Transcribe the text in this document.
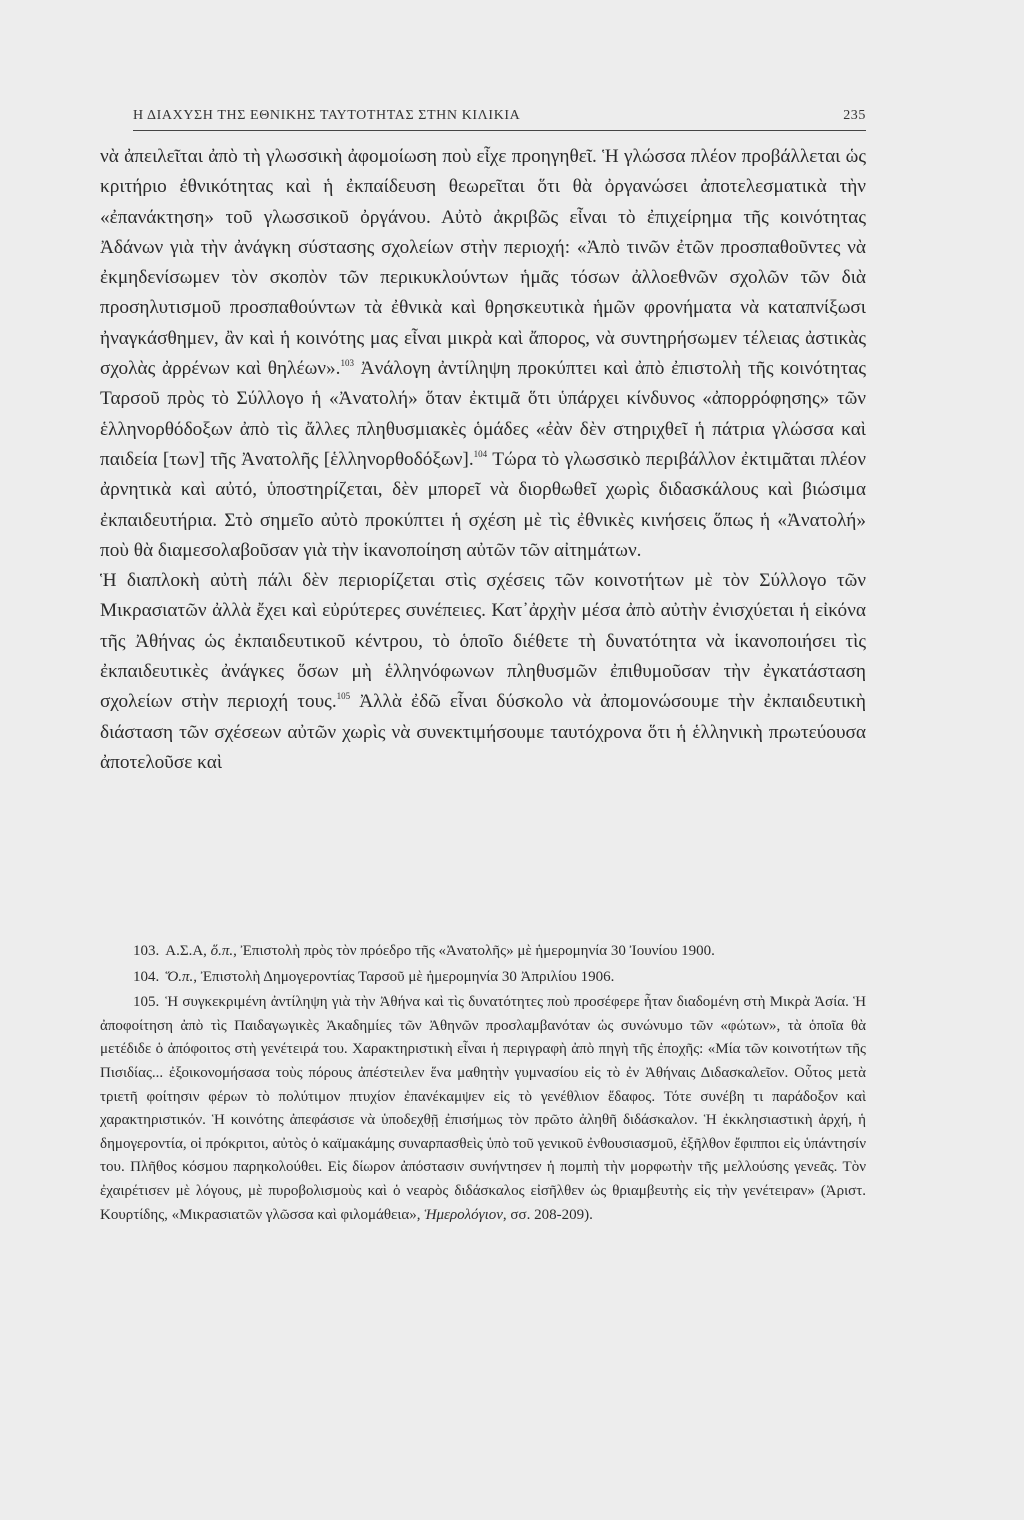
Η ΔΙΑΧΥΣΗ ΤΗΣ ΕΘΝΙΚΗΣ ΤΑΥΤΟΤΗΤΑΣ ΣΤΗΝ ΚΙΛΙΚΙΑ	235

νὰ ἀπειλεῖται ἀπὸ τὴ γλωσσικὴ ἀφομοίωση ποὺ εἶχε προηγηθεῖ. Ἡ γλώσσα πλέον προβάλλεται ὡς κριτήριο ἐθνικότητας καὶ ἡ ἐκπαίδευση θεωρεῖται ὅτι θὰ ὀργανώσει ἀποτελεσματικὰ τὴν «ἐπανάκτηση» τοῦ γλωσσικοῦ ὀργάνου. Αὐτὸ ἀκριβῶς εἶναι τὸ ἐπιχείρημα τῆς κοινότητας Ἀδάνων γιὰ τὴν ἀνάγκη σύστασης σχολείων στὴν περιοχή: «Ἀπὸ τινῶν ἐτῶν προσπαθοῦντες νὰ ἐκμηδενίσωμεν τὸν σκοπὸν τῶν περικυκλούντων ἡμᾶς τόσων ἀλλοεθνῶν σχολῶν τῶν διὰ προσηλυτισμοῦ προσπαθούντων τὰ ἐθνικὰ καὶ θρησκευτικὰ ἡμῶν φρονήματα νὰ καταπνίξωσι ἠναγκάσθημεν, ἂν καὶ ἡ κοινότης μας εἶναι μικρὰ καὶ ἄπορος, νὰ συντηρήσωμεν τέλειας ἀστικὰς σχολὰς ἀρρένων καὶ θηλέων».$^{103}$ Ἀνάλογη ἀντίληψη προκύπτει καὶ ἀπὸ ἐπιστολὴ τῆς κοινότητας Ταρσοῦ πρὸς τὸ Σύλλογο ἡ «Ἀνατολή» ὅταν ἐκτιμᾶ ὅτι ὑπάρχει κίνδυνος «ἀπορρόφησης» τῶν ἑλληνορθόδοξων ἀπὸ τὶς ἄλλες πληθυσμιακὲς ὁμάδες «ἐὰν δὲν στηριχθεῖ ἡ πάτρια γλώσσα καὶ παιδεία [των] τῆς Ἀνατολῆς [ἑλληνορθοδόξων].$^{104}$ Τώρα τὸ γλωσσικὸ περιβάλλον ἐκτιμᾶται πλέον ἀρνητικὰ καὶ αὐτό, ὑποστηρίζεται, δὲν μπορεῖ νὰ διορθωθεῖ χωρὶς διδασκάλους καὶ βιώσιμα ἐκπαιδευτήρια. Στὸ σημεῖο αὐτὸ προκύπτει ἡ σχέση μὲ τὶς ἐθνικὲς κινήσεις ὅπως ἡ «Ἀνατολή» ποὺ θὰ διαμεσολαβοῦσαν γιὰ τὴν ἱκανοποίηση αὐτῶν τῶν αἰτημάτων.

Ἡ διαπλοκὴ αὐτὴ πάλι δὲν περιορίζεται στὶς σχέσεις τῶν κοινοτήτων μὲ τὸν Σύλλογο τῶν Μικρασιατῶν ἀλλὰ ἔχει καὶ εὐρύτερες συνέπειες. Κατ᾽ἀρχὴν μέσα ἀπὸ αὐτὴν ἐνισχύεται ἡ εἰκόνα τῆς Ἀθήνας ὡς ἐκπαιδευτικοῦ κέντρου, τὸ ὁποῖο διέθετε τὴ δυνατότητα νὰ ἱκανοποιήσει τὶς ἐκπαιδευτικὲς ἀνάγκες ὅσων μὴ ἑλληνόφωνων πληθυσμῶν ἐπιθυμοῦσαν τὴν ἐγκατάσταση σχολείων στὴν περιοχή τους.$^{105}$ Ἀλλὰ ἐδῶ εἶναι δύσκολο νὰ ἀπομονώσουμε τὴν ἐκπαιδευτικὴ διάσταση τῶν σχέσεων αὐτῶν χωρὶς νὰ συνεκτιμήσουμε ταυτόχρονα ὅτι ἡ ἑλληνικὴ πρωτεύουσα ἀποτελοῦσε καὶ

103. Α.Σ.Α, ὅ.π., Ἐπιστολὴ πρὸς τὸν πρόεδρο τῆς «Ἀνατολῆς» μὲ ἡμερομηνία 30 Ἰουνίου 1900.

104. Ὅ.π., Ἐπιστολὴ Δημογεροντίας Ταρσοῦ μὲ ἡμερομηνία 30 Ἀπριλίου 1906.

105. Ἡ συγκεκριμένη ἀντίληψη γιὰ τὴν Ἀθήνα καὶ τὶς δυνατότητες ποὺ προσέφερε ἦταν διαδομένη στὴ Μικρὰ Ἀσία. Ἡ ἀποφοίτηση ἀπὸ τὶς Παιδαγωγικὲς Ἀκαδημίες τῶν Ἀθηνῶν προσλαμβανόταν ὡς συνώνυμο τῶν «φώτων», τὰ ὁποῖα θὰ μετέδιδε ὁ ἀπόφοιτος στὴ γενέτειρά του. Χαρακτηριστικὴ εἶναι ἡ περιγραφὴ ἀπὸ πηγὴ τῆς ἐποχῆς: «Μία τῶν κοινοτήτων τῆς Πισιδίας... ἐξοικονομήσασα τοὺς πόρους ἀπέστειλεν ἕνα μαθητὴν γυμνασίου εἰς τὸ ἐν Ἀθήναις Διδασκαλεῖον. Οὗτος μετὰ τριετῆ φοίτησιν φέρων τὸ πολύτιμον πτυχίον ἐπανέκαμψεν εἰς τὸ γενέθλιον ἔδαφος. Τότε συνέβη τι παράδοξον καὶ χαρακτηριστικόν. Ἡ κοινότης ἀπεφάσισε νὰ ὑποδεχθῇ ἐπισήμως τὸν πρῶτο ἀληθῆ διδάσκαλον. Ἡ ἐκκλησιαστικὴ ἀρχή, ἡ δημογεροντία, οἱ πρόκριτοι, αὐτὸς ὁ καϊμακάμης συναρπασθεὶς ὑπὸ τοῦ γενικοῦ ἐνθουσιασμοῦ, ἐξῆλθον ἔφιπποι εἰς ὑπάντησίν του. Πλῆθος κόσμου παρηκολούθει. Εἰς δίωρον ἀπόστασιν συνήντησεν ἡ πομπὴ τὴν μορφωτὴν τῆς μελλούσης γενεᾶς. Τὸν ἐχαιρέτισεν μὲ λόγους, μὲ πυροβολισμοὺς καὶ ὁ νεαρὸς διδάσκαλος εἰσῆλθεν ὡς θριαμβευτὴς εἰς τὴν γενέτειραν» (Ἀριστ. Κουρτίδης, «Μικρασιατῶν γλῶσσα καὶ φιλομάθεια», Ἡμερολόγιον, σσ. 208-209).
